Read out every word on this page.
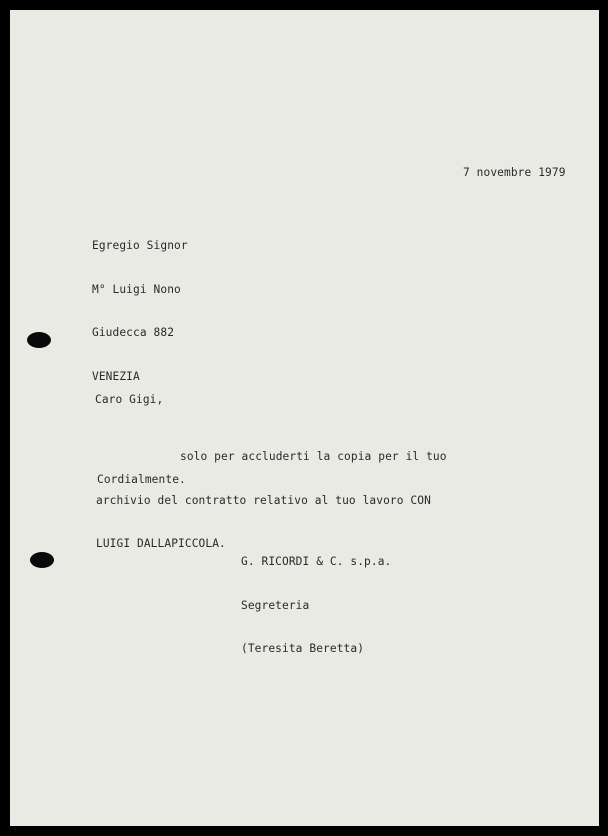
7 novembre 1979

Egregio Signor

M° Luigi Nono

Giudecca 882

VENEZIA

Caro Gigi,

solo per accluderti la copia per il tuo

archivio del contratto relativo al tuo lavoro CON

LUIGI DALLAPICCOLA.

Cordialmente.

G. RICORDI & C. s.p.a.

Segreteria

(Teresita Beretta)
